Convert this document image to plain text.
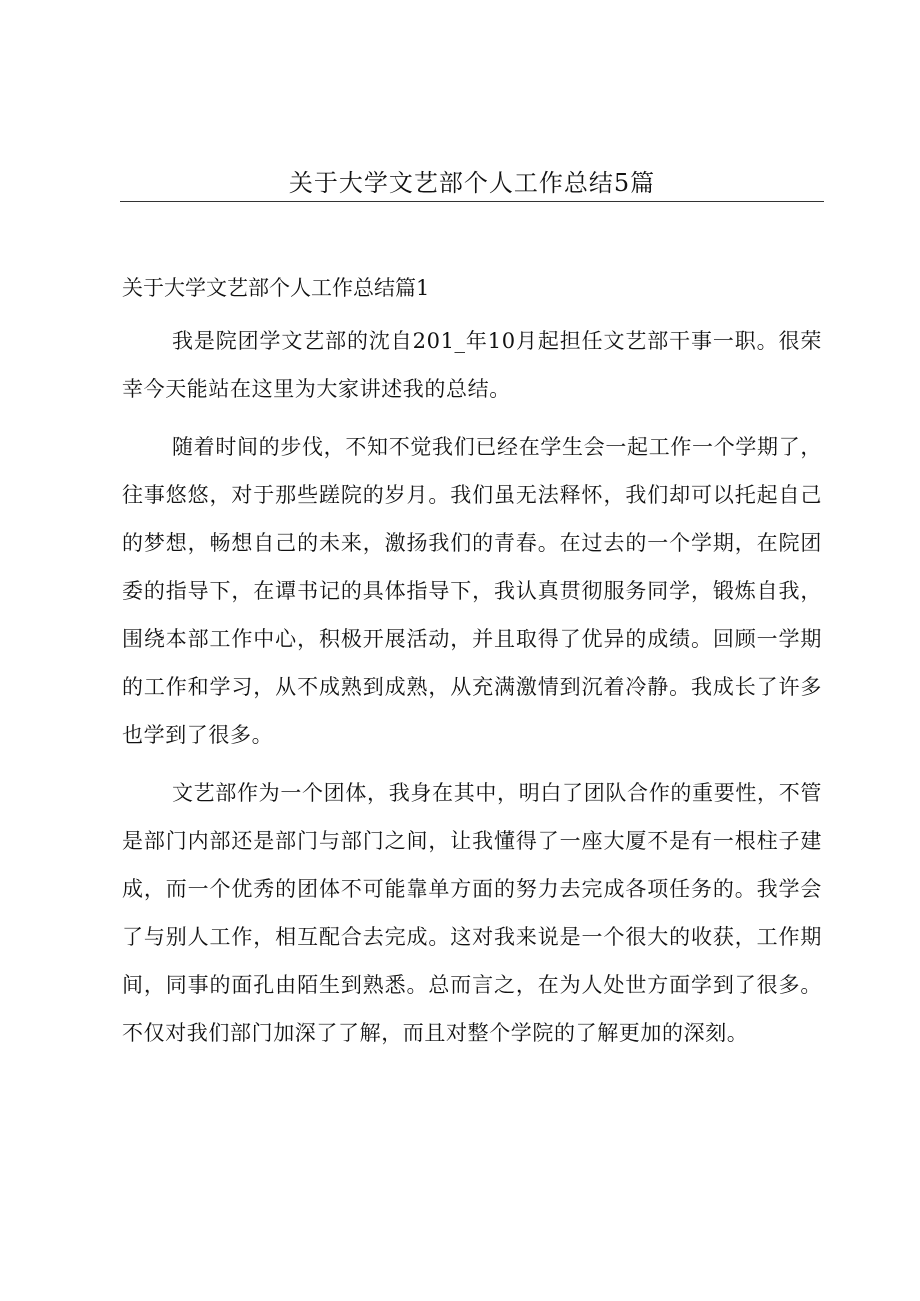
关于大学文艺部个人工作总结5篇
关于大学文艺部个人工作总结篇1

我是院团学文艺部的沈自201_年10月起担任文艺部干事一职。很荣幸今天能站在这里为大家讲述我的总结。

随着时间的步伐，不知不觉我们已经在学生会一起工作一个学期了，往事悠悠，对于那些蹉院的岁月。我们虽无法释怀，我们却可以托起自己的梦想，畅想自己的未来，激扬我们的青春。在过去的一个学期，在院团委的指导下，在谭书记的具体指导下，我认真贯彻服务同学，锻炼自我，围绕本部工作中心，积极开展活动，并且取得了优异的成绩。回顾一学期的工作和学习，从不成熟到成熟，从充满激情到沉着冷静。我成长了许多也学到了很多。

文艺部作为一个团体，我身在其中，明白了团队合作的重要性，不管是部门内部还是部门与部门之间，让我懂得了一座大厦不是有一根柱子建成，而一个优秀的团体不可能靠单方面的努力去完成各项任务的。我学会了与别人工作，相互配合去完成。这对我来说是一个很大的收获，工作期间，同事的面孔由陌生到熟悉。总而言之，在为人处世方面学到了很多。不仅对我们部门加深了了解，而且对整个学院的了解更加的深刻。
